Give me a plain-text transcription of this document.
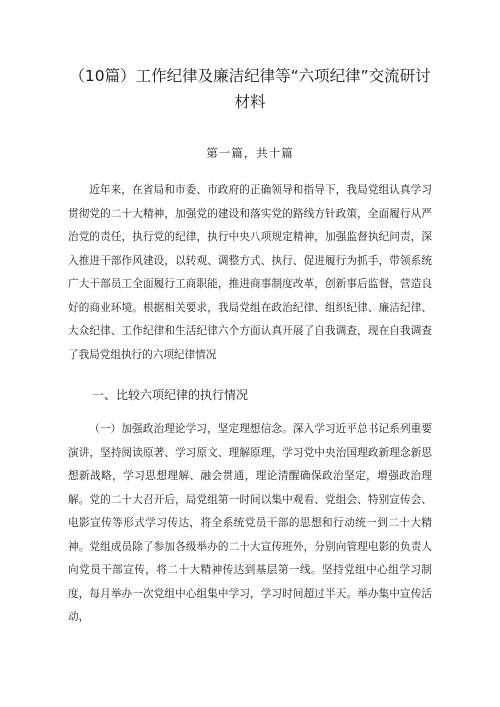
（10篇）工作纪律及廉洁纪律等“六项纪律”交流研讨材料
第一篇，共十篇

近年来，在省局和市委、市政府的正确领导和指导下，我局党组认真学习贯彻党的二十大精神，加强党的建设和落实党的路线方针政策，全面履行从严治党的责任，执行党的纪律，执行中央八项规定精神，加强监督执纪问责，深入推进干部作风建设，以转观、调整方式、执行、促进履行为抓手，带领系统广大干部员工全面履行工商职能，推进商事制度改革，创新事后监督，营造良好的商业环境。根据相关要求，我局党组在政治纪律、组织纪律、廉洁纪律、大众纪律、工作纪律和生活纪律六个方面认真开展了自我调查，现在自我调查了我局党组执行的六项纪律情况

一、比较六项纪律的执行情况

（一）加强政治理论学习，坚定理想信念。深入学习近平总书记系列重要演讲，坚持阅读原著、学习原文、理解原理，学习党中央治国理政新理念新思想新战略，学习思想理解、融会贯通，理论清醒确保政治坚定，增强政治理解。党的二十大召开后，局党组第一时间以集中观看、党组会、特别宣传会、电影宣传等形式学习传达，将全系统党员干部的思想和行动统一到二十大精神。党组成员除了参加各级举办的二十大宣传班外，分别向管理电影的负责人向党员干部宣传，将二十大精神传达到基层第一线。坚持党组中心组学习制度，每月举办一次党组中心组集中学习，学习时间超过半天。举办集中宣传活动，
